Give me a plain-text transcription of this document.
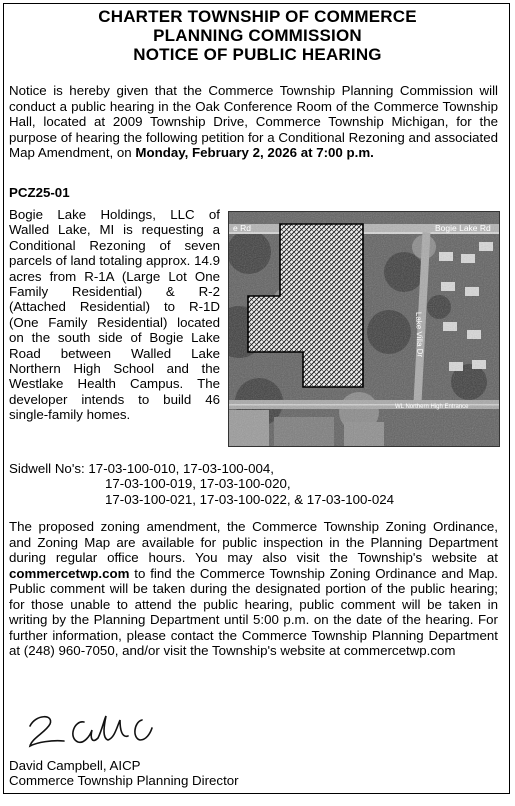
CHARTER TOWNSHIP OF COMMERCE
PLANNING COMMISSION
NOTICE OF PUBLIC HEARING
Notice is hereby given that the Commerce Township Planning Commission will conduct a public hearing in the Oak Conference Room of the Commerce Township Hall, located at 2009 Township Drive, Commerce Township Michigan, for the purpose of hearing the following petition for a Conditional Rezoning and associated Map Amendment, on Monday, February 2, 2026 at 7:00 p.m.
PCZ25-01
Bogie Lake Holdings, LLC of Walled Lake, MI is requesting a Conditional Rezoning of seven parcels of land totaling approx. 14.9 acres from R-1A (Large Lot One Family Residential) & R-2 (Attached Residential) to R-1D (One Family Residential) located on the south side of Bogie Lake Road between Walled Lake Northern High School and the Westlake Health Campus. The developer intends to build 46 single-family homes.
e Rd	Bogie Lake Rd
WL Northern High Entrance
Lake Villa Dr
Sidwell No's: 17-03-100-010, 17-03-100-004,
17-03-100-019, 17-03-100-020,
17-03-100-021, 17-03-100-022, & 17-03-100-024
The proposed zoning amendment, the Commerce Township Zoning Ordinance, and Zoning Map are available for public inspection in the Planning Department during regular office hours. You may also visit the Township's website at commercetwp.com to find the Commerce Township Zoning Ordinance and Map. Public comment will be taken during the designated portion of the public hearing; for those unable to attend the public hearing, public comment will be taken in writing by the Planning Department until 5:00 p.m. on the date of the hearing. For further information, please contact the Commerce Township Planning Department at (248) 960-7050, and/or visit the Township's website at commercetwp.com
David Campbell, AICP
Commerce Township Planning Director
